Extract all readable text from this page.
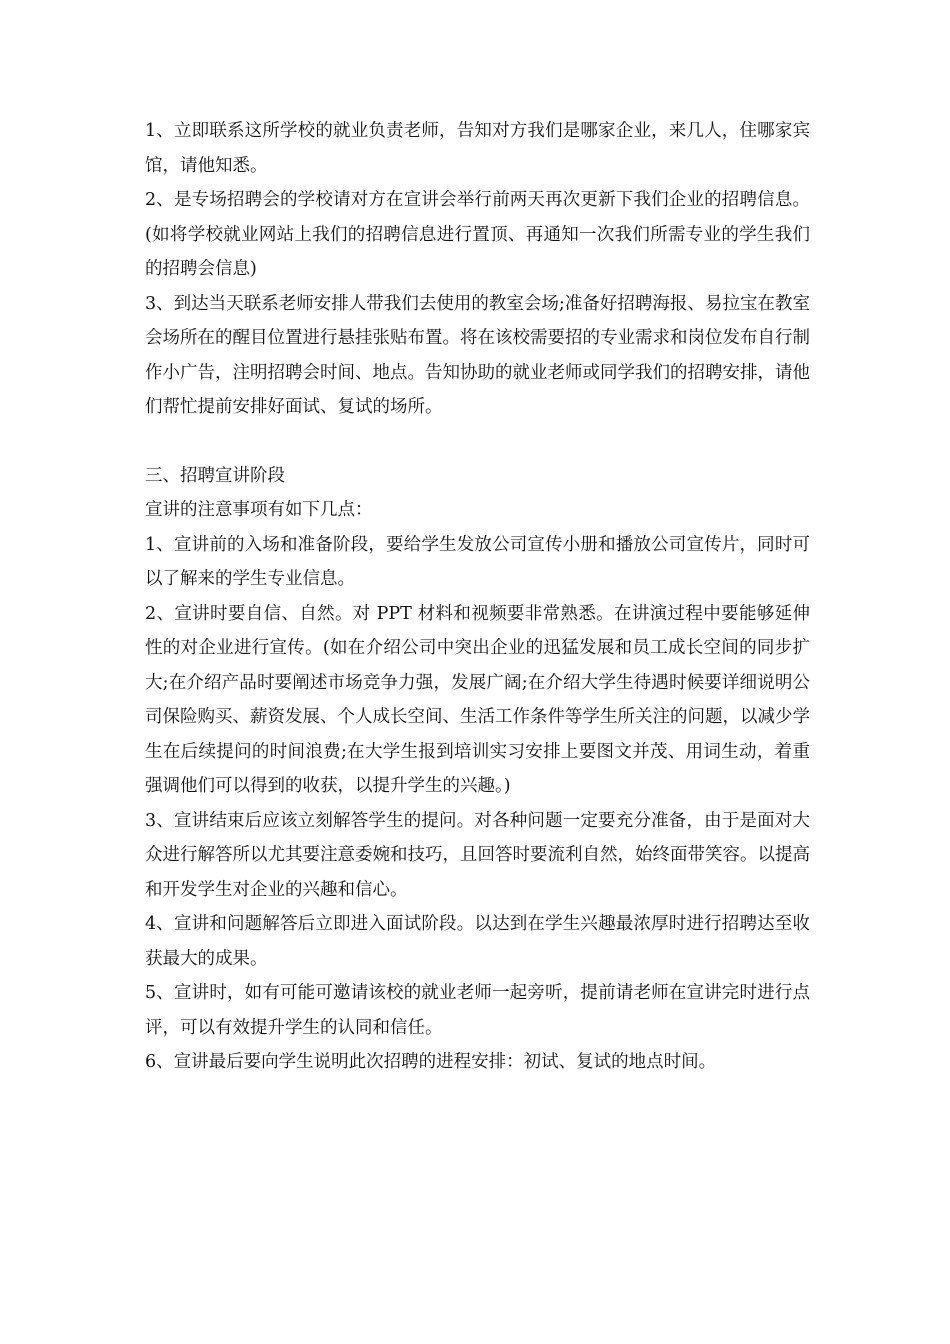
1、立即联系这所学校的就业负责老师，告知对方我们是哪家企业，来几人，住哪家宾馆，请他知悉。

2、是专场招聘会的学校请对方在宣讲会举行前两天再次更新下我们企业的招聘信息。(如将学校就业网站上我们的招聘信息进行置顶、再通知一次我们所需专业的学生我们的招聘会信息)

3、到达当天联系老师安排人带我们去使用的教室会场;准备好招聘海报、易拉宝在教室会场所在的醒目位置进行悬挂张贴布置。将在该校需要招的专业需求和岗位发布自行制作小广告，注明招聘会时间、地点。告知协助的就业老师或同学我们的招聘安排，请他们帮忙提前安排好面试、复试的场所。

三、招聘宣讲阶段

宣讲的注意事项有如下几点：

1、宣讲前的入场和准备阶段，要给学生发放公司宣传小册和播放公司宣传片，同时可以了解来的学生专业信息。

2、宣讲时要自信、自然。对 PPT 材料和视频要非常熟悉。在讲演过程中要能够延伸性的对企业进行宣传。(如在介绍公司中突出企业的迅猛发展和员工成长空间的同步扩大;在介绍产品时要阐述市场竞争力强，发展广阔;在介绍大学生待遇时候要详细说明公司保险购买、薪资发展、个人成长空间、生活工作条件等学生所关注的问题，以减少学生在后续提问的时间浪费;在大学生报到培训实习安排上要图文并茂、用词生动，着重强调他们可以得到的收获，以提升学生的兴趣。)

3、宣讲结束后应该立刻解答学生的提问。对各种问题一定要充分准备，由于是面对大众进行解答所以尤其要注意委婉和技巧，且回答时要流利自然，始终面带笑容。以提高和开发学生对企业的兴趣和信心。

4、宣讲和问题解答后立即进入面试阶段。以达到在学生兴趣最浓厚时进行招聘达至收获最大的成果。

5、宣讲时，如有可能可邀请该校的就业老师一起旁听，提前请老师在宣讲完时进行点评，可以有效提升学生的认同和信任。

6、宣讲最后要向学生说明此次招聘的进程安排：初试、复试的地点时间。
